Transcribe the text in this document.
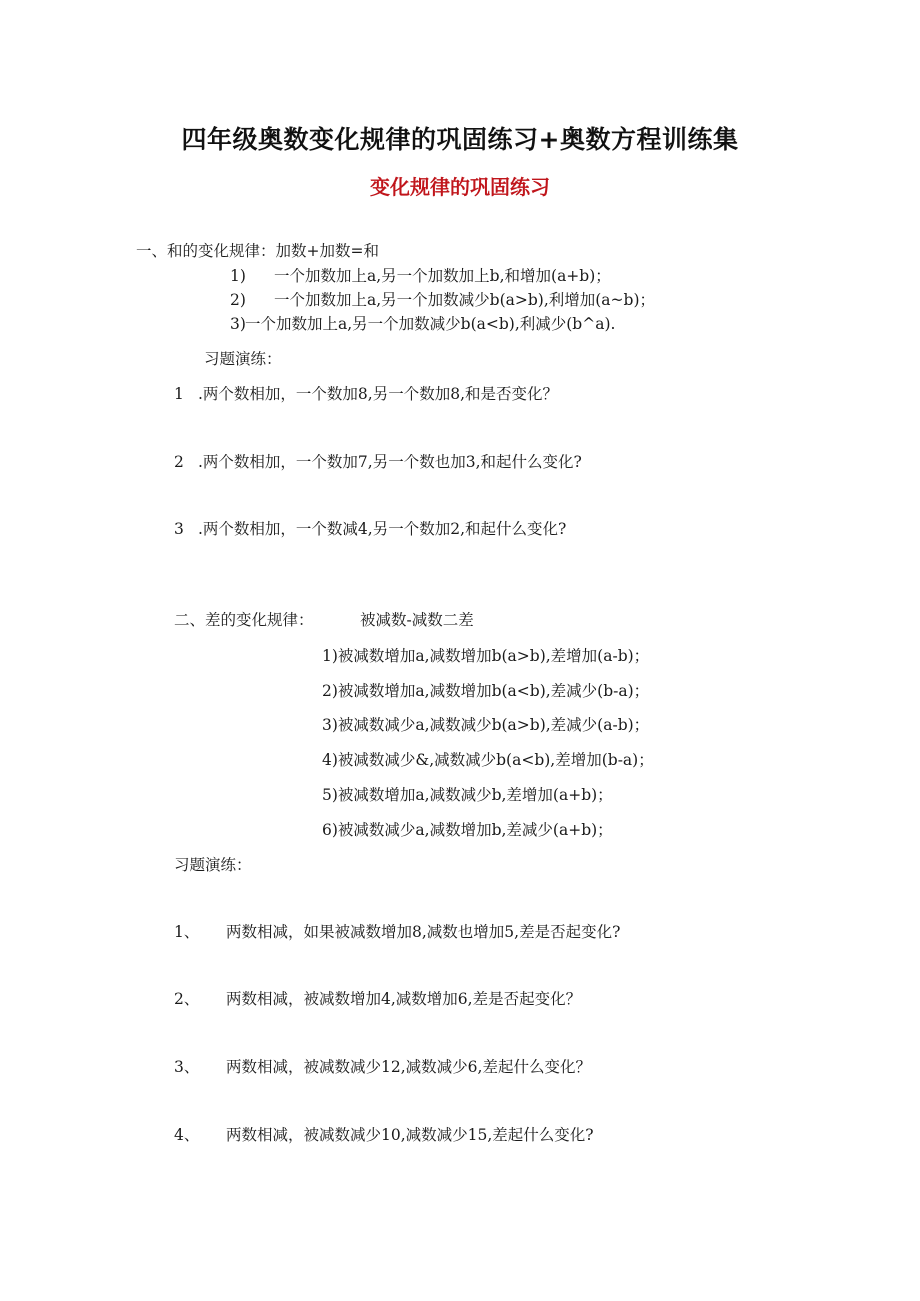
四年级奥数变化规律的巩固练习+奥数方程训练集
变化规律的巩固练习
一、和的变化规律：加数+加数=和
1) 一个加数加上a,另一个加数加上b,和增加(a+b)；
2) 一个加数加上a,另一个加数减少b(a>b),利增加(a~b)；
3) 一个加数加上a,另一个加数减少b(a<b),利减少(b^a).
习题演练：
1 .两个数相加，一个数加8,另一个数加8,和是否变化？
2 .两个数相加，一个数加7,另一个数也加3,和起什么变化?
3 .两个数相加，一个数减4,另一个数加2,和起什么变化?
二、差的变化规律：	被减数-减数二差
1)被减数增加a,减数增加b(a>b),差增加(a-b)；
2)被减数增加a,减数增加b(a<b),差减少(b-a)；
3)被减数减少a,减数减少b(a>b),差减少(a-b)；
4)被减数减少&,减数减少b(a<b),差增加(b-a)；
5)被减数增加a,减数减少b,差增加(a+b)；
6)被减数减少a,减数增加b,差减少(a+b)；
习题演练：
1、 两数相减，如果被减数增加8,减数也增加5,差是否起变化?
2、 两数相减，被减数增加4,减数增加6,差是否起变化？
3、 两数相减，被减数减少12,减数减少6,差起什么变化？
4、 两数相减，被减数减少10,减数减少15,差起什么变化?
